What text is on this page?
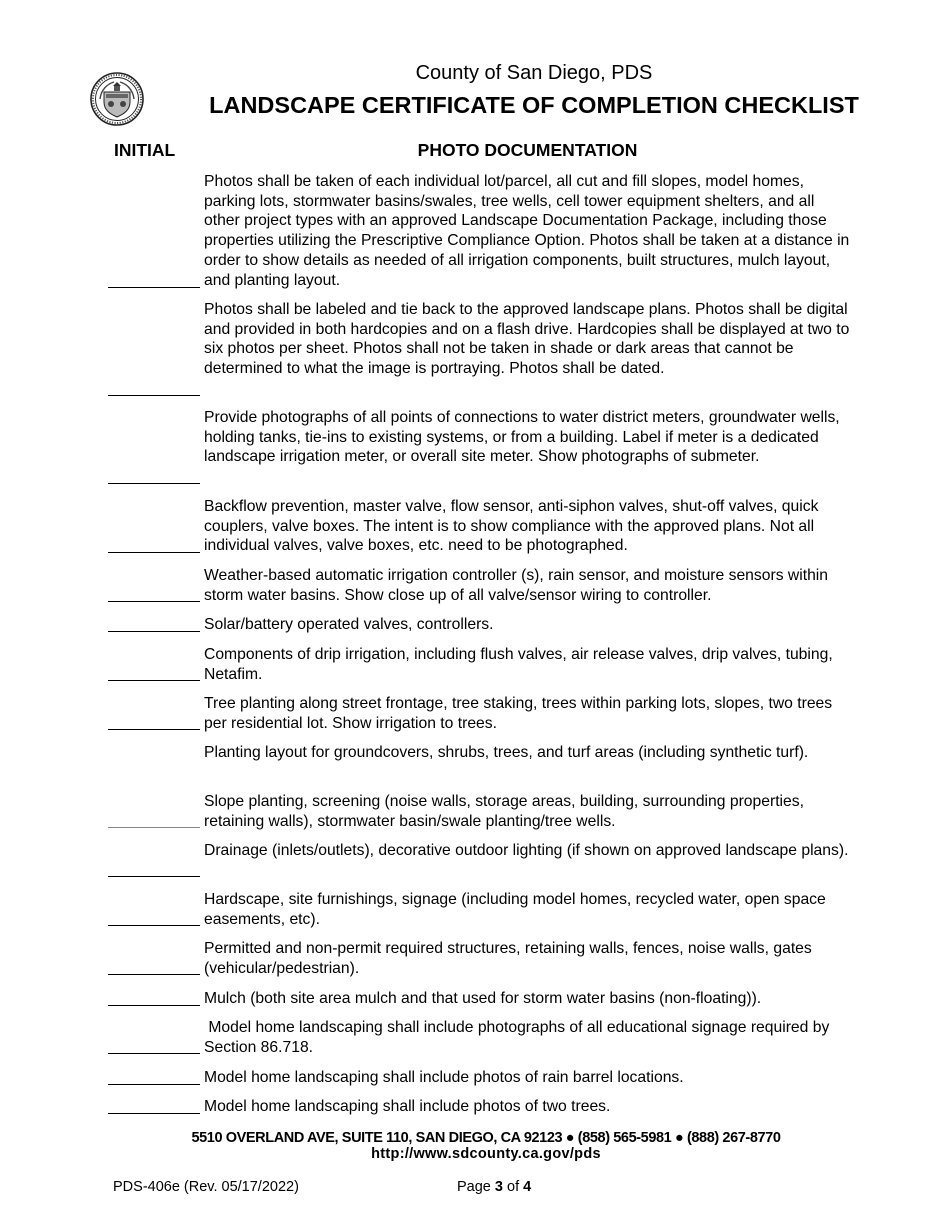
County of San Diego, PDS
LANDSCAPE CERTIFICATE OF COMPLETION CHECKLIST
INITIAL	PHOTO DOCUMENTATION
Photos shall be taken of each individual lot/parcel, all cut and fill slopes, model homes, parking lots, stormwater basins/swales, tree wells, cell tower equipment shelters, and all other project types with an approved Landscape Documentation Package, including those properties utilizing the Prescriptive Compliance Option. Photos shall be taken at a distance in order to show details as needed of all irrigation components, built structures, mulch layout, and planting layout.
Photos shall be labeled and tie back to the approved landscape plans. Photos shall be digital and provided in both hardcopies and on a flash drive. Hardcopies shall be displayed at two to six photos per sheet. Photos shall not be taken in shade or dark areas that cannot be determined to what the image is portraying. Photos shall be dated.
Provide photographs of all points of connections to water district meters, groundwater wells, holding tanks, tie-ins to existing systems, or from a building. Label if meter is a dedicated landscape irrigation meter, or overall site meter. Show photographs of submeter.
Backflow prevention, master valve, flow sensor, anti-siphon valves, shut-off valves, quick couplers, valve boxes. The intent is to show compliance with the approved plans. Not all individual valves, valve boxes, etc. need to be photographed.
Weather-based automatic irrigation controller (s), rain sensor, and moisture sensors within storm water basins. Show close up of all valve/sensor wiring to controller.
Solar/battery operated valves, controllers.
Components of drip irrigation, including flush valves, air release valves, drip valves, tubing, Netafim.
Tree planting along street frontage, tree staking, trees within parking lots, slopes, two trees per residential lot. Show irrigation to trees.
Planting layout for groundcovers, shrubs, trees, and turf areas (including synthetic turf).
Slope planting, screening (noise walls, storage areas, building, surrounding properties, retaining walls), stormwater basin/swale planting/tree wells.
Drainage (inlets/outlets), decorative outdoor lighting (if shown on approved landscape plans).
Hardscape, site furnishings, signage (including model homes, recycled water, open space easements, etc).
Permitted and non-permit required structures, retaining walls, fences, noise walls, gates (vehicular/pedestrian).
Mulch (both site area mulch and that used for storm water basins (non-floating)).
Model home landscaping shall include photographs of all educational signage required by Section 86.718.
Model home landscaping shall include photos of rain barrel locations.
Model home landscaping shall include photos of two trees.
5510 OVERLAND AVE, SUITE 110, SAN DIEGO, CA 92123 ● (858) 565-5981 ● (888) 267-8770
http://www.sdcounty.ca.gov/pds
PDS-406e (Rev. 05/17/2022)	Page 3 of 4
